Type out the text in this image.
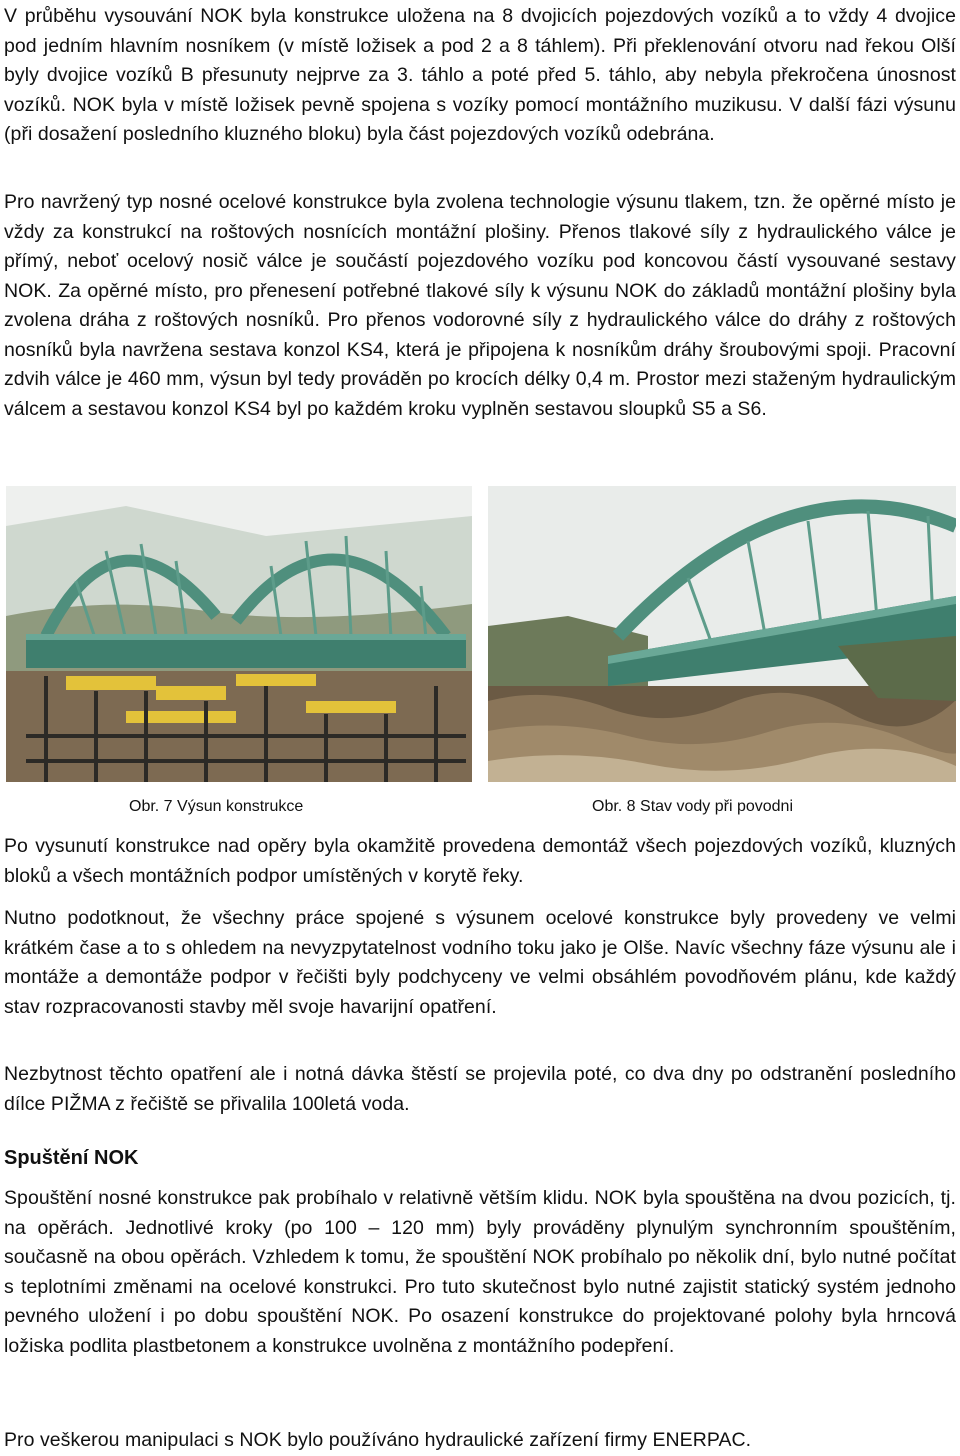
V průběhu vysouvání NOK byla konstrukce uložena na 8 dvojicích pojezdových vozíků a to vždy 4 dvojice pod jedním hlavním nosníkem (v místě ložisek a pod 2 a 8 táhlem). Při překlenování otvoru nad řekou Olší byly dvojice vozíků B přesunuty nejprve za 3. táhlo a poté před 5. táhlo, aby nebyla překročena únosnost vozíků. NOK byla v místě ložisek pevně spojena s vozíky pomocí montážního muzikusu. V další fázi výsunu (při dosažení posledního kluzného bloku) byla část pojezdových vozíků odebrána.

Pro navržený typ nosné ocelové konstrukce byla zvolena technologie výsunu tlakem, tzn. že opěrné místo je vždy za konstrukcí na roštových nosnících montážní plošiny. Přenos tlakové síly z hydraulického válce je přímý, neboť ocelový nosič válce je součástí pojezdového vozíku pod koncovou částí vysouvané sestavy NOK. Za opěrné místo, pro přenesení potřebné tlakové síly k výsunu NOK do základů montážní plošiny byla zvolena dráha z roštových nosníků. Pro přenos vodorovné síly z hydraulického válce do dráhy z roštových nosníků byla navržena sestava konzol KS4, která je připojena k nosníkům dráhy šroubovými spoji. Pracovní zdvih válce je 460 mm, výsun byl tedy prováděn po krocích délky 0,4 m. Prostor mezi staženým hydraulickým válcem a sestavou konzol KS4 byl po každém kroku vyplněn sestavou sloupků S5 a S6.

Obr. 7 Výsun konstrukce	Obr. 8 Stav vody při povodni

Po vysunutí konstrukce nad opěry byla okamžitě provedena demontáž všech pojezdových vozíků, kluzných bloků a všech montážních podpor umístěných v korytě řeky.

Nutno podotknout, že všechny práce spojené s výsunem ocelové konstrukce byly provedeny ve velmi krátkém čase a to s ohledem na nevyzpytatelnost vodního toku jako je Olše. Navíc všechny fáze výsunu ale i montáže a demontáže podpor v řečišti byly podchyceny ve velmi obsáhlém povodňovém plánu, kde každý stav rozpracovanosti stavby měl svoje havarijní opatření.

Nezbytnost těchto opatření ale i notná dávka štěstí se projevila poté, co dva dny po odstranění posledního dílce PIŽMA z řečiště se přivalila 100letá voda.

Spuštění NOK

Spouštění nosné konstrukce pak probíhalo v relativně větším klidu. NOK byla spouštěna na dvou pozicích, tj. na opěrách. Jednotlivé kroky (po 100 – 120 mm) byly prováděny plynulým synchronním spouštěním, současně na obou opěrách. Vzhledem k tomu, že spouštění NOK probíhalo po několik dní, bylo nutné počítat s teplotními změnami na ocelové konstrukci. Pro tuto skutečnost bylo nutné zajistit statický systém jednoho pevného uložení i po dobu spouštění NOK. Po osazení konstrukce do projektované polohy byla hrncová ložiska podlita plastbetonem a konstrukce uvolněna z montážního podepření.

Pro veškerou manipulaci s NOK bylo používáno hydraulické zařízení firmy ENERPAC.
